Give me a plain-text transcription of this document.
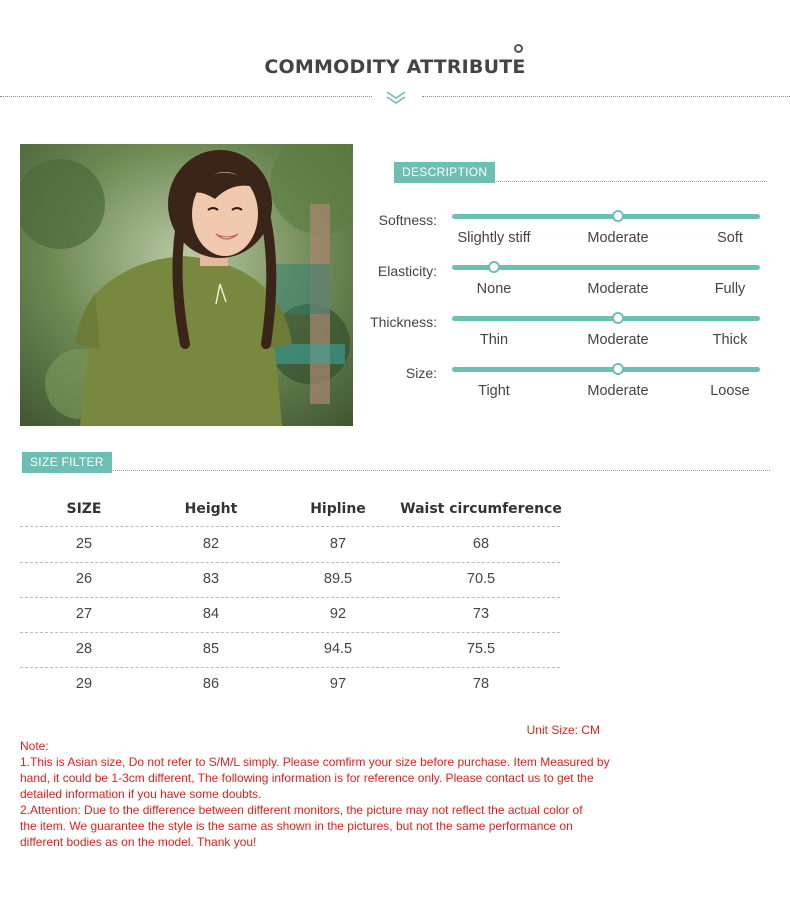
COMMODITY ATTRIBUTE
DESCRIPTION
Softness:
Slightly stiff	Moderate	Soft
Elasticity:
None	Moderate	Fully
Thickness:
Thin	Moderate	Thick
Size:
Tight	Moderate	Loose
SIZE FILTER
SIZE	Height	Hipline	Waist circumference
25	82	87	68
26	83	89.5	70.5
27	84	92	73
28	85	94.5	75.5
29	86	97	78
Unit Size: CM
Note:
1.This is Asian size, Do not refer to S/M/L simply. Please comfirm your size before purchase. Item Measured by
hand, it could be 1-3cm different, The following information is for reference only. Please contact us to get the
detailed information if you have some doubts.
2.Attention: Due to the difference between different monitors, the picture may not reflect the actual color of
the item. We guarantee the style is the same as shown in the pictures, but not the same performance on
different bodies as on the model. Thank you!
